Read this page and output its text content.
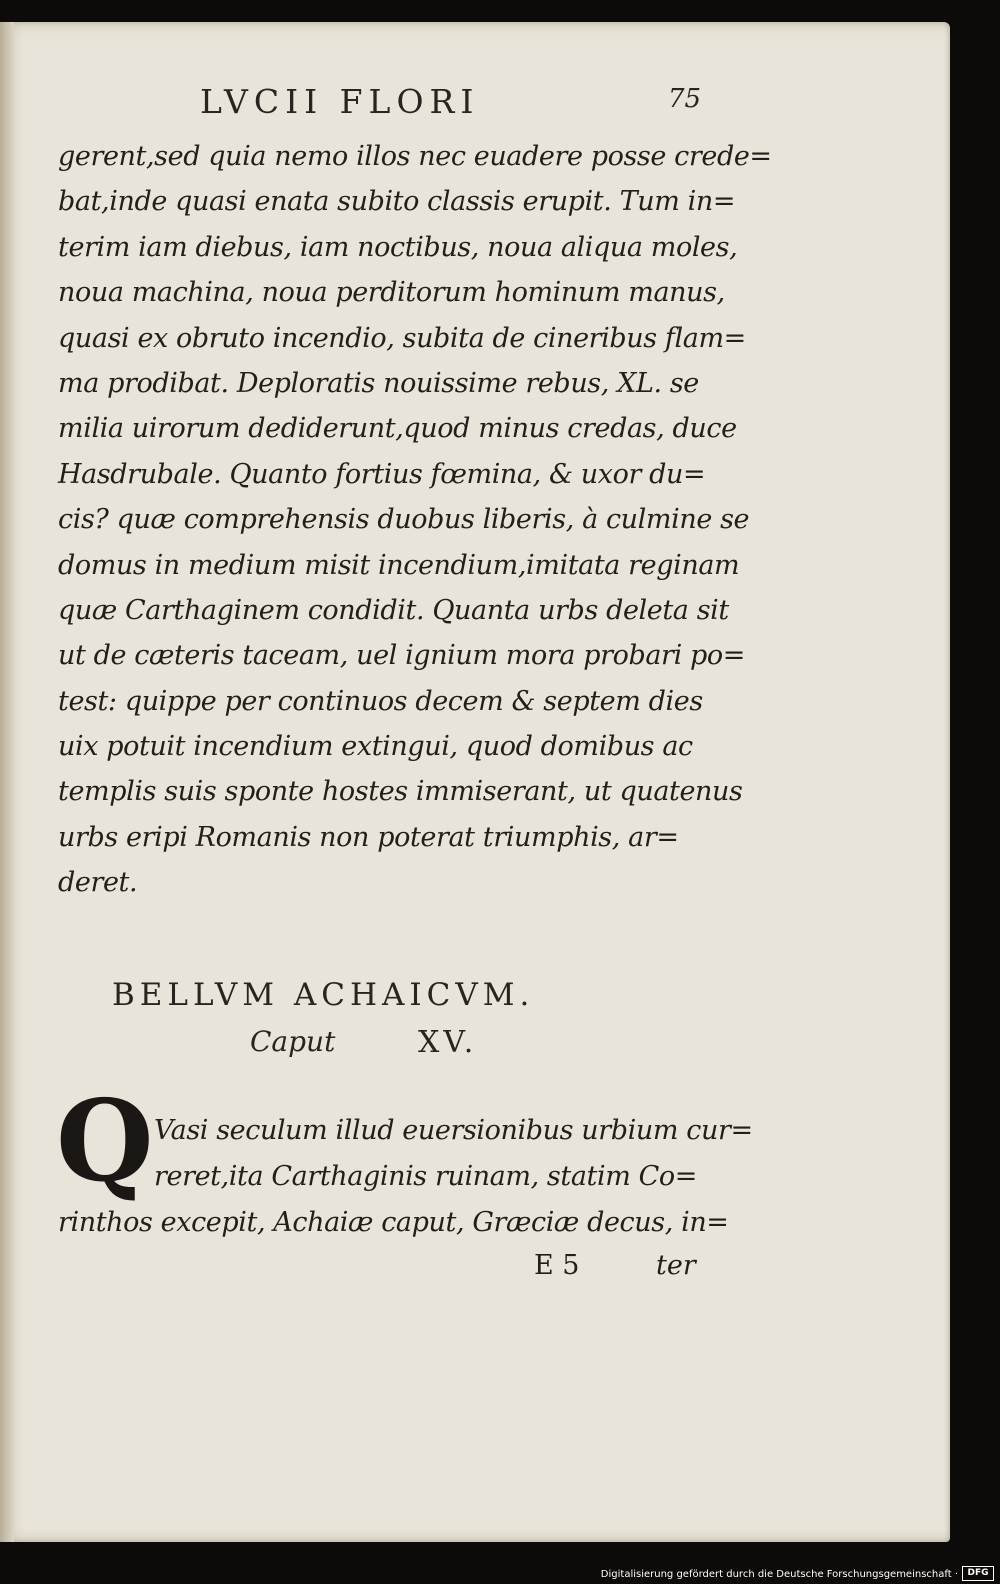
LVCII FLORI	75
gerent,sed quia nemo illos nec euadere posse crede=
bat,inde quasi enata subito classis erupit. Tum in=
terim iam diebus, iam noctibus, noua aliqua moles,
noua machina, noua perditorum hominum manus,
quasi ex obruto incendio, subita de cineribus flam=
ma prodibat. Deploratis nouissime rebus, XL. se
milia uirorum dediderunt,quod minus credas, duce
Hasdrubale. Quanto fortius fœmina, & uxor du=
cis? quæ comprehensis duobus liberis, à culmine se
domus in medium misit incendium,imitata reginam
quæ Carthaginem condidit. Quanta urbs deleta sit
ut de cæteris taceam, uel ignium mora probari po=
test: quippe per continuos decem & septem dies
uix potuit incendium extingui, quod domibus ac
templis suis sponte hostes immiserant, ut quatenus
urbs eripi Romanis non poterat triumphis, ar=
deret.
BELLVM ACHAICVM.
Caput	XV.
Q Vasi seculum illud euersionibus urbium cur=
reret,ita Carthaginis ruinam, statim Co=
rinthos excepit, Achaiæ caput, Græciæ decus, in=
E 5	ter
Digitalisierung gefördert durch die Deutsche Forschungsgemeinschaft ·	DFG
